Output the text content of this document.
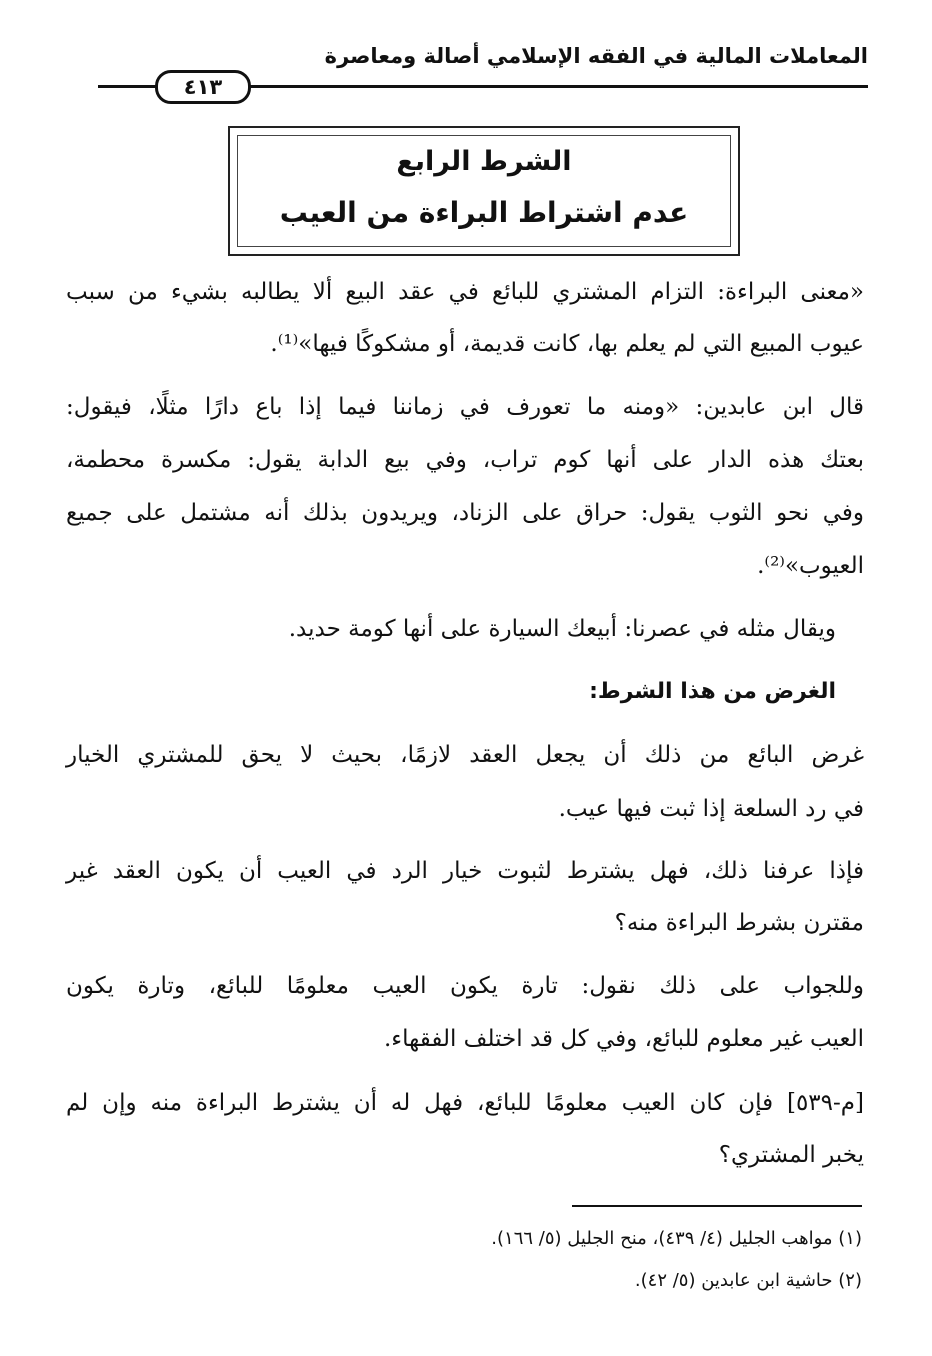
المعاملات المالية في الفقه الإسلامي أصالة ومعاصرة
٤١٣
الشرط الرابع
عدم اشتراط البراءة من العيب
«معنى البراءة: التزام المشتري للبائع في عقد البيع ألا يطالبه بشيء من سبب
عيوب المبيع التي لم يعلم بها، كانت قديمة، أو مشكوكًا فيها»⁽¹⁾.
قال ابن عابدين: «ومنه ما تعورف في زماننا فيما إذا باع دارًا مثلًا، فيقول:
بعتك هذه الدار على أنها كوم تراب، وفي بيع الدابة يقول: مكسرة محطمة،
وفي نحو الثوب يقول: حراق على الزناد، ويريدون بذلك أنه مشتمل على جميع
العيوب»⁽²⁾.
ويقال مثله في عصرنا: أبيعك السيارة على أنها كومة حديد.
الغرض من هذا الشرط:
غرض البائع من ذلك أن يجعل العقد لازمًا، بحيث لا يحق للمشتري الخيار
في رد السلعة إذا ثبت فيها عيب.
فإذا عرفنا ذلك، فهل يشترط لثبوت خيار الرد في العيب أن يكون العقد غير
مقترن بشرط البراءة منه؟
وللجواب على ذلك نقول: تارة يكون العيب معلومًا للبائع، وتارة يكون
العيب غير معلوم للبائع، وفي كل قد اختلف الفقهاء.
[م-٥٣٩] فإن كان العيب معلومًا للبائع، فهل له أن يشترط البراءة منه وإن لم
يخبر المشتري؟
(١) مواهب الجليل (٤/ ٤٣٩)، منح الجليل (٥/ ١٦٦).
(٢) حاشية ابن عابدين (٥/ ٤٢).
